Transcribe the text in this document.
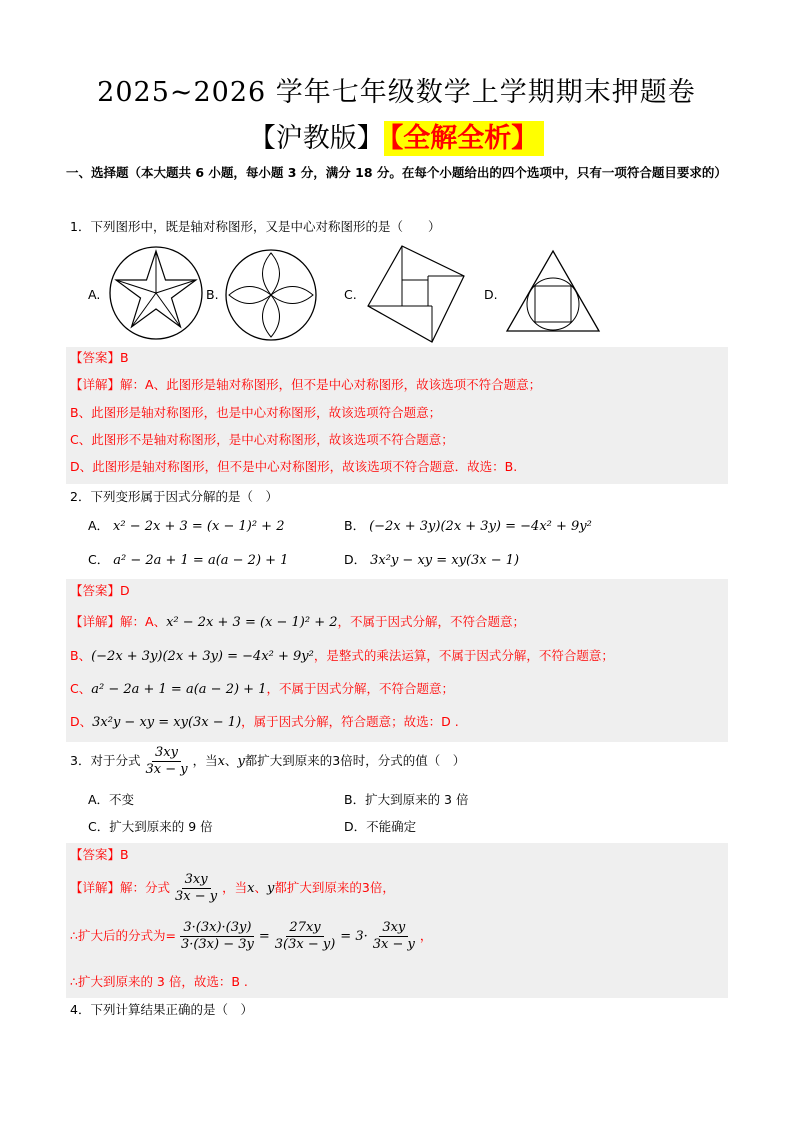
2025~2026 学年七年级数学上学期期末押题卷
【沪教版】 【全解全析】
一、选择题（本大题共 6 小题，每小题 3 分，满分 18 分。在每个小题给出的四个选项中，只有一项符合题目要求的）
1．下列图形中，既是轴对称图形，又是中心对称图形的是（　　）
A.	B.	C.	D.
【答案】B
【详解】解：A、此图形是轴对称图形，但不是中心对称图形，故该选项不符合题意；
B、此图形是轴对称图形，也是中心对称图形，故该选项符合题意；
C、此图形不是轴对称图形，是中心对称图形，故该选项不符合题意；
D、此图形是轴对称图形，但不是中心对称图形，故该选项不符合题意．故选：B.
2．下列变形属于因式分解的是（　）
A． x² − 2x + 3 = (x − 1)² + 2	B． (−2x + 3y)(2x + 3y) = −4x² + 9y²
C． a² − 2a + 1 = a(a − 2) + 1	D． 3x²y − xy = xy(3x − 1)
【答案】D
【详解】解：A、x² − 2x + 3 = (x − 1)² + 2，不属于因式分解，不符合题意；
B、(−2x + 3y)(2x + 3y) = −4x² + 9y²，是整式的乘法运算，不属于因式分解，不符合题意；
C、a² − 2a + 1 = a(a − 2) + 1，不属于因式分解，不符合题意；
D、3x²y − xy = xy(3x − 1)，属于因式分解，符合题意；故选：D .
3．对于分式 $\frac{3xy}{3x - y}$ ，当x、y都扩大到原来的3倍时，分式的值（　）
A．不变	B．扩大到原来的 3 倍
C．扩大到原来的 9 倍	D．不能确定
【答案】B
【详解】解：分式 $\frac{3xy}{3x - y}$ ，当x、y都扩大到原来的3倍，
∴扩大后的分式为= $\frac{3\cdot(3x)\cdot(3y)}{3\cdot(3x) - 3y} = \frac{27xy}{3(3x - y)} = 3\cdot \frac{3xy}{3x - y}$ ，
∴扩大到原来的 3 倍，故选：B .
4．下列计算结果正确的是（　）
